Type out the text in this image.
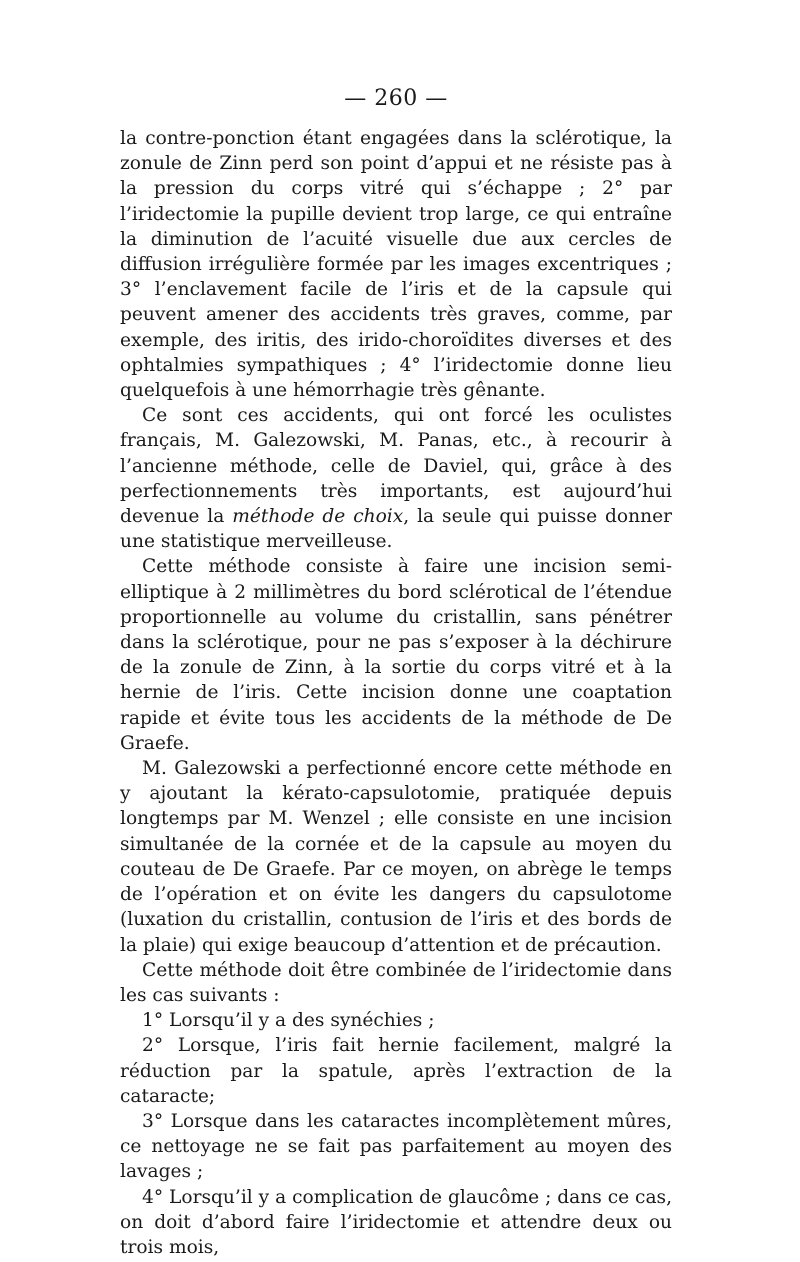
— 260 —

la contre-ponction étant engagées dans la sclérotique, la zonule de Zinn perd son point d’appui et ne résiste pas à la pression du corps vitré qui s’échappe ; 2° par l’iridectomie la pupille devient trop large, ce qui entraîne la diminution de l’acuité visuelle due aux cercles de diffusion irrégulière formée par les images excentriques ; 3° l’enclavement facile de l’iris et de la capsule qui peuvent amener des accidents très graves, comme, par exemple, des iritis, des irido-choroïdites diverses et des ophtalmies sympathiques ; 4° l’iridectomie donne lieu quelquefois à une hémorrhagie très gênante.

Ce sont ces accidents, qui ont forcé les oculistes français, M. Galezowski, M. Panas, etc., à recourir à l’ancienne méthode, celle de Daviel, qui, grâce à des perfectionnements très importants, est aujourd’hui devenue la méthode de choix, la seule qui puisse donner une statistique merveilleuse.

Cette méthode consiste à faire une incision semi-elliptique à 2 millimètres du bord sclérotical de l’étendue proportionnelle au volume du cristallin, sans pénétrer dans la sclérotique, pour ne pas s’exposer à la déchirure de la zonule de Zinn, à la sortie du corps vitré et à la hernie de l’iris. Cette incision donne une coaptation rapide et évite tous les accidents de la méthode de De Graefe.

M. Galezowski a perfectionné encore cette méthode en y ajoutant la kérato-capsulotomie, pratiquée depuis longtemps par M. Wenzel ; elle consiste en une incision simultanée de la cornée et de la capsule au moyen du couteau de De Graefe. Par ce moyen, on abrège le temps de l’opération et on évite les dangers du capsulotome (luxation du cristallin, contusion de l’iris et des bords de la plaie) qui exige beaucoup d’attention et de précaution.

Cette méthode doit être combinée de l’iridectomie dans les cas suivants :

1° Lorsqu’il y a des synéchies ;

2° Lorsque, l’iris fait hernie facilement, malgré la réduction par la spatule, après l’extraction de la cataracte;

3° Lorsque dans les cataractes incomplètement mûres, ce nettoyage ne se fait pas parfaitement au moyen des lavages ;

4° Lorsqu’il y a complication de glaucôme ; dans ce cas, on doit d’abord faire l’iridectomie et attendre deux ou trois mois,
